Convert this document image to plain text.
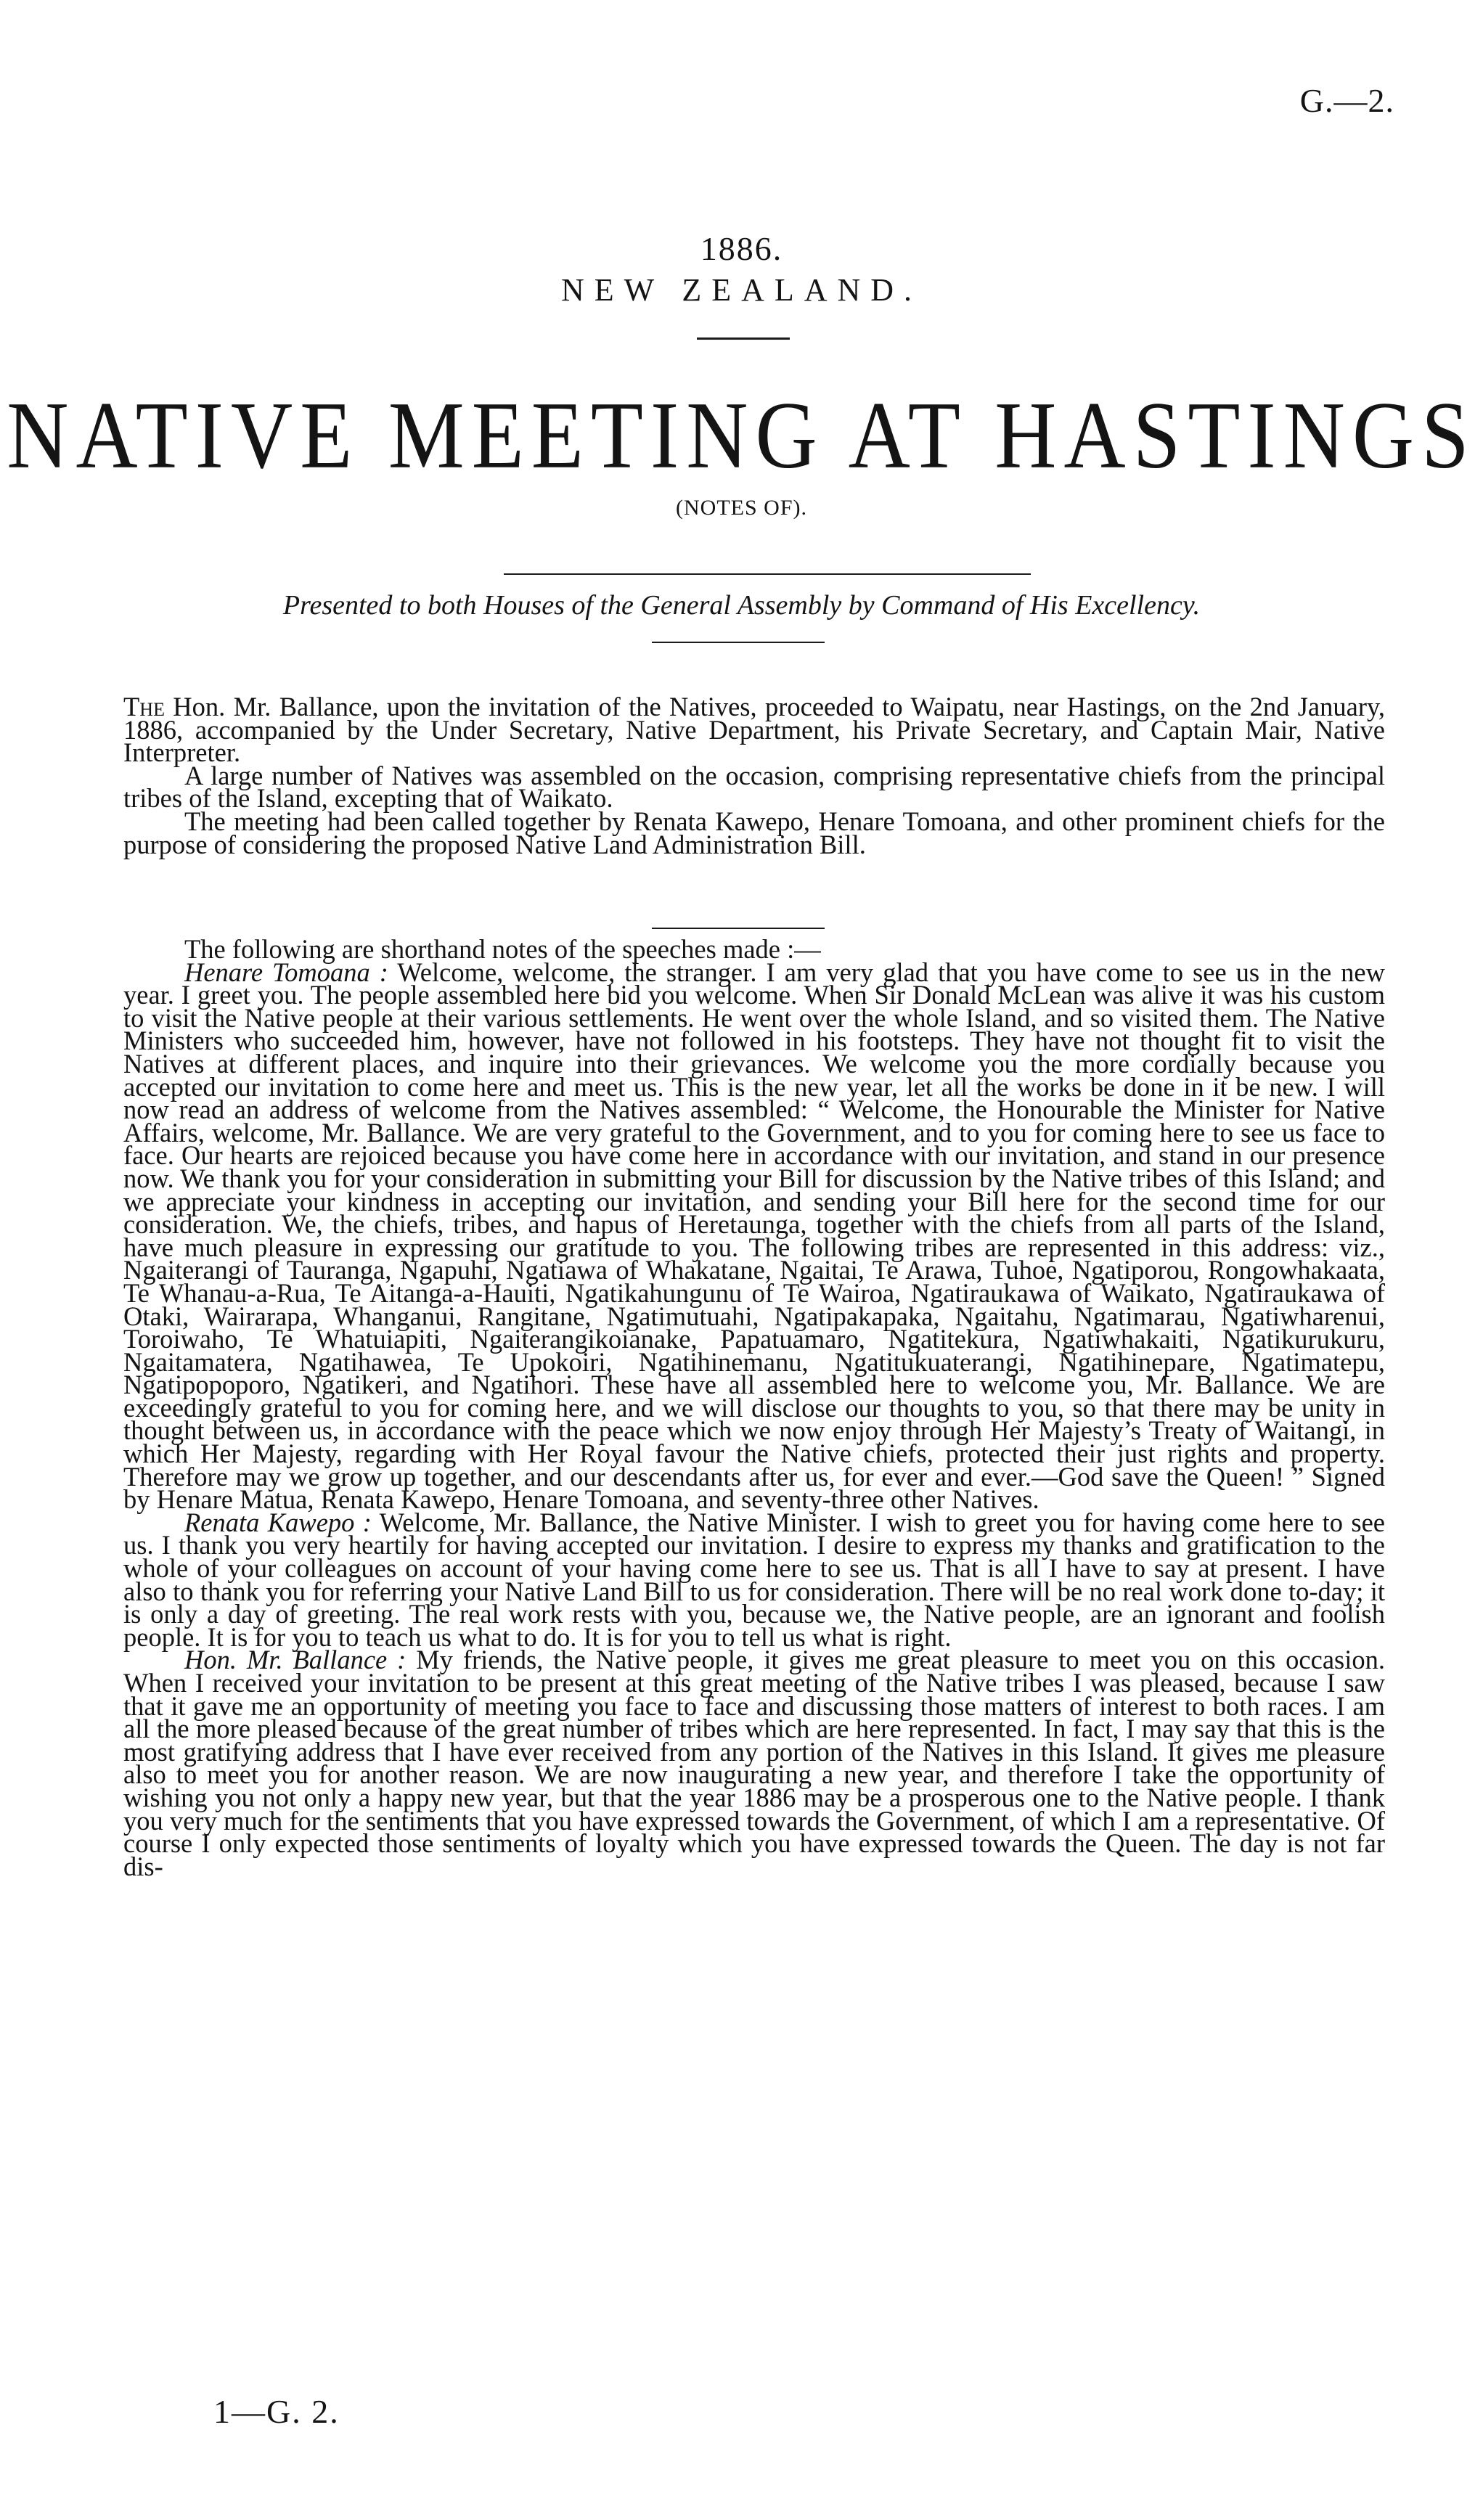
G.—2.
1886.
NEW ZEALAND.
NATIVE MEETING AT HASTINGS
(NOTES OF).
Presented to both Houses of the General Assembly by Command of His Excellency.

The Hon. Mr. Ballance, upon the invitation of the Natives, proceeded to Waipatu, near Hastings, on the 2nd January, 1886, accompanied by the Under Secretary, Native Department, his Private Secretary, and Captain Mair, Native Interpreter.

A large number of Natives was assembled on the occasion, comprising representative chiefs from the principal tribes of the Island, excepting that of Waikato.

The meeting had been called together by Renata Kawepo, Henare Tomoana, and other prominent chiefs for the purpose of considering the proposed Native Land Administration Bill.

The following are shorthand notes of the speeches made :—

Henare Tomoana : Welcome, welcome, the stranger. I am very glad that you have come to see us in the new year. I greet you. The people assembled here bid you welcome. When Sir Donald McLean was alive it was his custom to visit the Native people at their various settlements. He went over the whole Island, and so visited them. The Native Ministers who succeeded him, however, have not followed in his footsteps. They have not thought fit to visit the Natives at different places, and inquire into their grievances. We welcome you the more cordially because you accepted our invitation to come here and meet us. This is the new year, let all the works be done in it be new. I will now read an address of welcome from the Natives assembled: “ Welcome, the Honourable the Minister for Native Affairs, welcome, Mr. Ballance. We are very grateful to the Government, and to you for coming here to see us face to face. Our hearts are rejoiced because you have come here in accordance with our invitation, and stand in our presence now. We thank you for your consideration in submitting your Bill for discussion by the Native tribes of this Island; and we appreciate your kindness in accepting our invitation, and sending your Bill here for the second time for our consideration. We, the chiefs, tribes, and hapus of Heretaunga, together with the chiefs from all parts of the Island, have much pleasure in expressing our gratitude to you. The following tribes are represented in this address: viz., Ngaiterangi of Tauranga, Ngapuhi, Ngatiawa of Whakatane, Ngaitai, Te Arawa, Tuhoe, Ngatiporou, Rongowhakaata, Te Whanau-a-Rua, Te Aitanga-a-Hauiti, Ngatikahungunu of Te Wairoa, Ngatiraukawa of Waikato, Ngatiraukawa of Otaki, Wairarapa, Whanganui, Rangitane, Ngatimutuahi, Ngatipakapaka, Ngaitahu, Ngatimarau, Ngatiwharenui, Toroiwaho, Te Whatuiapiti, Ngaiterangikoianake, Papatuamaro, Ngatitekura, Ngatiwhakaiti, Ngatikurukuru, Ngaitamatera, Ngatihawea, Te Upokoiri, Ngatihinemanu, Ngatitukuaterangi, Ngatihinepare, Ngatimatepu, Ngatipopoporo, Ngatikeri, and Ngatihori. These have all assembled here to welcome you, Mr. Ballance. We are exceedingly grateful to you for coming here, and we will disclose our thoughts to you, so that there may be unity in thought between us, in accordance with the peace which we now enjoy through Her Majesty’s Treaty of Waitangi, in which Her Majesty, regarding with Her Royal favour the Native chiefs, protected their just rights and property. Therefore may we grow up together, and our descendants after us, for ever and ever.—God save the Queen! ” Signed by Henare Matua, Renata Kawepo, Henare Tomoana, and seventy-three other Natives.

Renata Kawepo : Welcome, Mr. Ballance, the Native Minister. I wish to greet you for having come here to see us. I thank you very heartily for having accepted our invitation. I desire to express my thanks and gratification to the whole of your colleagues on account of your having come here to see us. That is all I have to say at present. I have also to thank you for referring your Native Land Bill to us for consideration. There will be no real work done to-day; it is only a day of greeting. The real work rests with you, because we, the Native people, are an ignorant and foolish people. It is for you to teach us what to do. It is for you to tell us what is right.

Hon. Mr. Ballance : My friends, the Native people, it gives me great pleasure to meet you on this occasion. When I received your invitation to be present at this great meeting of the Native tribes I was pleased, because I saw that it gave me an opportunity of meeting you face to face and discussing those matters of interest to both races. I am all the more pleased because of the great number of tribes which are here represented. In fact, I may say that this is the most gratifying address that I have ever received from any portion of the Natives in this Island. It gives me pleasure also to meet you for another reason. We are now inaugurating a new year, and therefore I take the opportunity of wishing you not only a happy new year, but that the year 1886 may be a prosperous one to the Native people. I thank you very much for the sentiments that you have expressed towards the Government, of which I am a representative. Of course I only expected those sentiments of loyalty which you have expressed towards the Queen. The day is not far dis-

1—G. 2.
